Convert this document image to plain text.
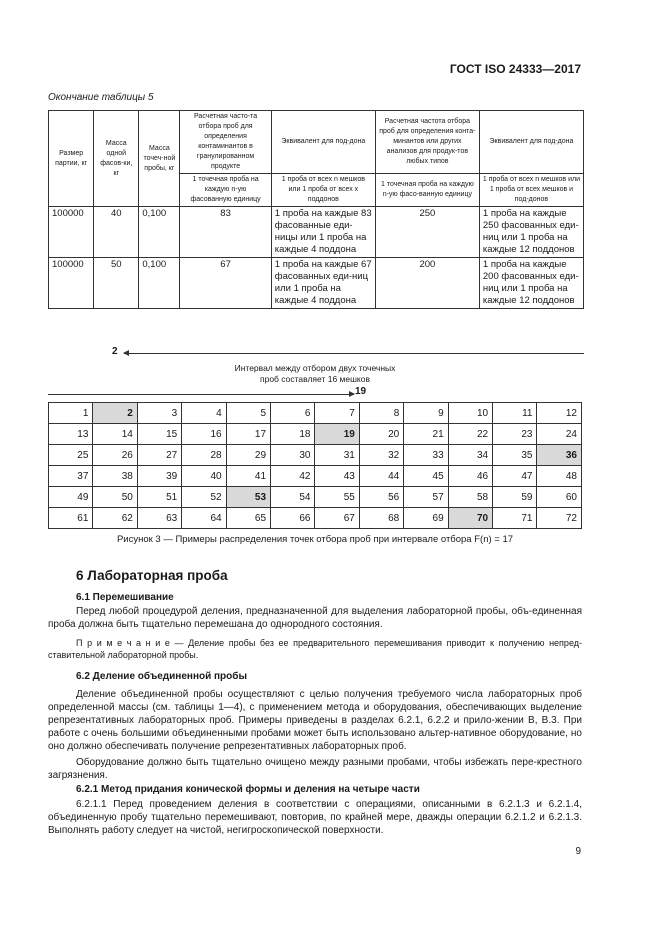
ГОСТ ISO 24333—2017
Окончание таблицы 5
Размер партии, кг	Масса одной фасов-ки, кг	Масса точеч-ной пробы, кг	Расчетная часто-та отбора проб для определения контаминантов в гранулированном продукте	Эквивалент для под-дона	Расчетная частота отбора проб для определения конта-минантов или других анализов для продук-тов любых типов	Эквивалент для под-дона
			1 точечная проба на каждую n-ую фасованную единицу	1 проба от всех n мешков или 1 проба от всех x поддонов	1 точечная проба на каждую n-ую фасо-ванную единицу	1 проба от всех n мешков или 1 проба от всех мешков и под-донов
100000	40	0,100	83	1 проба на каждые 83 фасованные еди-ницы или 1 проба на каждые 4 поддона	250	1 проба на каждые 250 фасованных еди-ниц или 1 проба на каждые 12 поддонов
100000	50	0,100	67	1 проба на каждые 67 фасованных еди-ниц или 1 проба на каждые 4 поддона	200	1 проба на каждые 200 фасованных еди-ниц или 1 проба на каждые 12 поддонов
2
Интервал между отбором двух точечных
проб составляет 16 мешков
19
1	2	3	4	5	6	7	8	9	10	11	12
13	14	15	16	17	18	19	20	21	22	23	24
25	26	27	28	29	30	31	32	33	34	35	36
37	38	39	40	41	42	43	44	45	46	47	48
49	50	51	52	53	54	55	56	57	58	59	60
61	62	63	64	65	66	67	68	69	70	71	72
Рисунок 3 — Примеры распределения точек отбора проб при интервале отбора F(n) = 17
6 Лабораторная проба
6.1 Перемешивание
Перед любой процедурой деления, предназначенной для выделения лабораторной пробы, объ-единенная проба должна быть тщательно перемешана до однородного состояния.
П р и м е ч а н и е — Деление пробы без ее предварительного перемешивания приводит к получению непред-ставительной лабораторной пробы.
6.2 Деление объединенной пробы
Деление объединенной пробы осуществляют с целью получения требуемого числа лабораторных проб определенной массы (см. таблицы 1—4), с применением метода и оборудования, обеспечивающих выделение репрезентативных лабораторных проб. Примеры приведены в разделах 6.2.1, 6.2.2 и прило-жении В, В.3. При работе с очень большими объединенными пробами может быть использовано альтер-нативное оборудование, но оно должно обеспечивать получение репрезентативных лабораторных проб.
Оборудование должно быть тщательно очищено между разными пробами, чтобы избежать пере-крестного загрязнения.
6.2.1 Метод придания конической формы и деления на четыре части
6.2.1.1 Перед проведением деления в соответствии с операциями, описанными в 6.2.1.3 и 6.2.1.4, объединенную пробу тщательно перемешивают, повторив, по крайней мере, дважды операции 6.2.1.2 и 6.2.1.3. Выполнять работу следует на чистой, негигроскопической поверхности.
9
